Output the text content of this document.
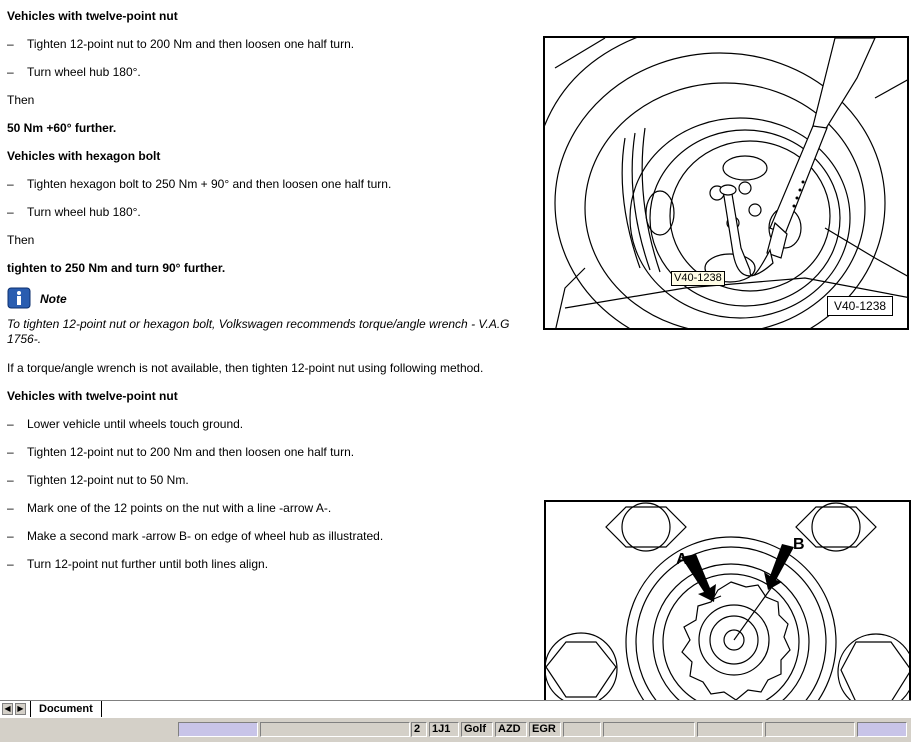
Vehicles with twelve-point nut
– Tighten 12-point nut to 200 Nm and then loosen one half turn.
– Turn wheel hub 180°.
Then
50 Nm +60° further.
Vehicles with hexagon bolt
– Tighten hexagon bolt to 250 Nm + 90° and then loosen one half turn.
– Turn wheel hub 180°.
Then
tighten to 250 Nm and turn 90° further.
Note
To tighten 12-point nut or hexagon bolt, Volkswagen recommends torque/angle wrench - V.A.G 1756-.
If a torque/angle wrench is not available, then tighten 12-point nut using following method.
Vehicles with twelve-point nut
– Lower vehicle until wheels touch ground.
– Tighten 12-point nut to 200 Nm and then loosen one half turn.
– Tighten 12-point nut to 50 Nm.
– Mark one of the 12 points on the nut with a line -arrow A-.
– Make a second mark -arrow B- on edge of wheel hub as illustrated.
– Turn 12-point nut further until both lines align.
V40-1238
V40-1238
A
B
◀ ▶	Document
2	1J1	Golf	AZD	EGR
